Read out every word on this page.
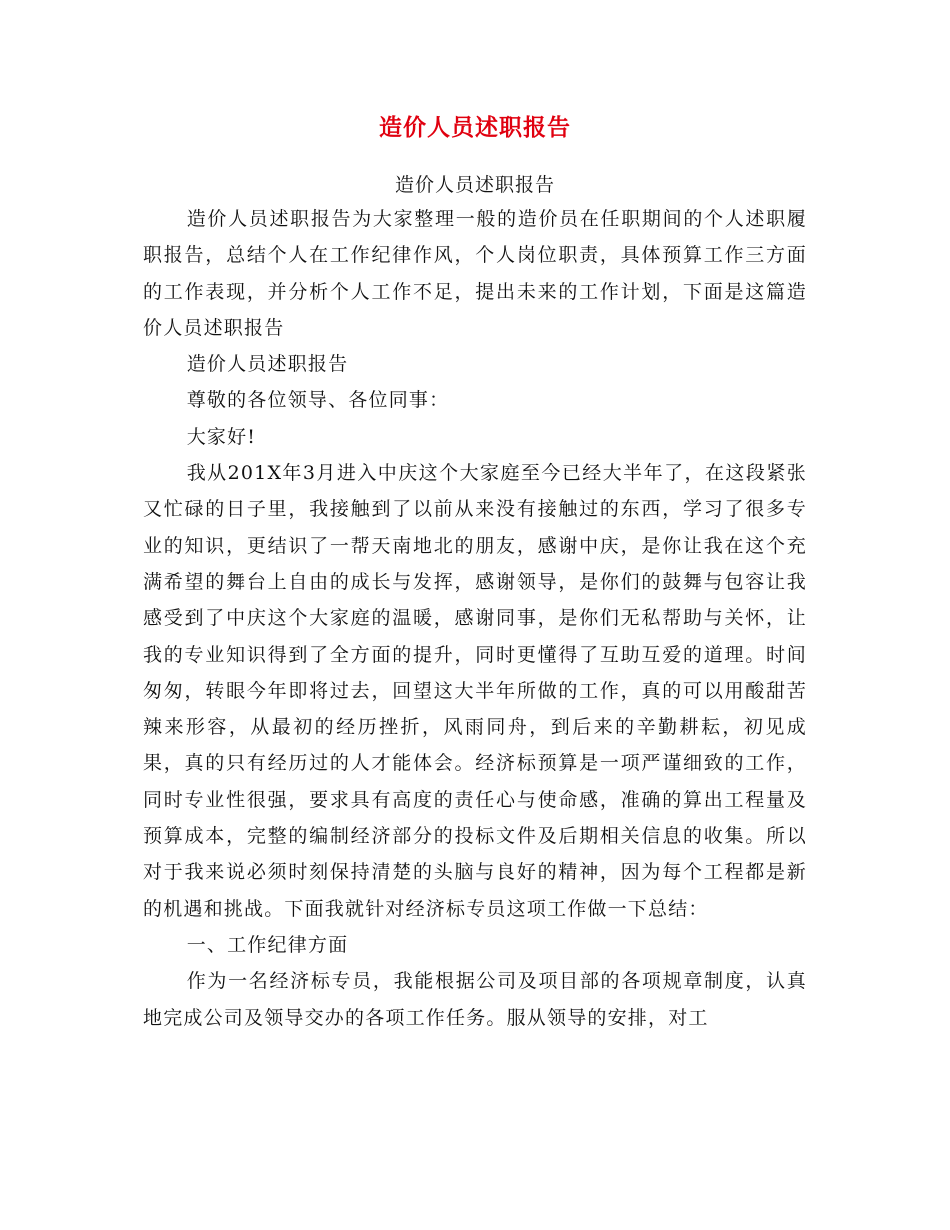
造价人员述职报告
造价人员述职报告

造价人员述职报告为大家整理一般的造价员在任职期间的个人述职履职报告，总结个人在工作纪律作风，个人岗位职责，具体预算工作三方面的工作表现，并分析个人工作不足，提出未来的工作计划，下面是这篇造价人员述职报告

造价人员述职报告

尊敬的各位领导、各位同事：

大家好!

我从201X年3月进入中庆这个大家庭至今已经大半年了，在这段紧张又忙碌的日子里，我接触到了以前从来没有接触过的东西，学习了很多专业的知识，更结识了一帮天南地北的朋友，感谢中庆，是你让我在这个充满希望的舞台上自由的成长与发挥，感谢领导，是你们的鼓舞与包容让我感受到了中庆这个大家庭的温暖，感谢同事，是你们无私帮助与关怀，让我的专业知识得到了全方面的提升，同时更懂得了互助互爱的道理。时间匆匆，转眼今年即将过去，回望这大半年所做的工作，真的可以用酸甜苦辣来形容，从最初的经历挫折，风雨同舟，到后来的辛勤耕耘，初见成果，真的只有经历过的人才能体会。经济标预算是一项严谨细致的工作，同时专业性很强，要求具有高度的责任心与使命感，准确的算出工程量及预算成本，完整的编制经济部分的投标文件及后期相关信息的收集。所以对于我来说必须时刻保持清楚的头脑与良好的精神，因为每个工程都是新的机遇和挑战。下面我就针对经济标专员这项工作做一下总结：

一、工作纪律方面

作为一名经济标专员，我能根据公司及项目部的各项规章制度，认真地完成公司及领导交办的各项工作任务。服从领导的安排，对工
